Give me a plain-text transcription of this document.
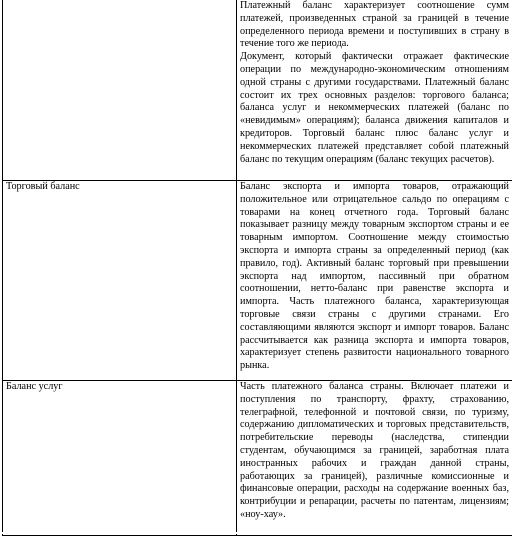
	Платежный баланс характеризует соотношение сумм платежей, произведенных страной за границей в течение определенного периода времени и поступивших в страну в течение того же периода.

Документ, который фактически отражает фактические операции по международно-экономическим отношениям одной страны с другими государствами. Платежный баланс состоит их трех основных разделов: торгового баланса; баланса услуг и некоммерческих платежей (баланс по «невидимым» операциям); баланса движения капиталов и кредиторов. Торговый баланс плюс баланс услуг и некоммерческих платежей представляет собой платежный баланс по текущим операциям (баланс текущих расчетов).

Торговый баланс	Баланс экспорта и импорта товаров, отражающий положительное или отрицательное сальдо по операциям с товарами на конец отчетного года. Торговый баланс показывает разницу между товарным экспортом страны и ее товарным импортом. Соотношение между стоимостью экспорта и импорта страны за определенный период (как правило, год). Активный баланс торговый при превышении экспорта над импортом, пассивный при обратном соотношении, нетто-баланс при равенстве экспорта и импорта. Часть платежного баланса, характеризующая торговые связи страны с другими странами. Его составляющими являются экспорт и импорт товаров. Баланс рассчитывается как разница экспорта и импорта товаров, характеризует степень развитости национального товарного рынка.

Баланс услуг	Часть платежного баланса страны. Включает платежи и поступления по транспорту, фрахту, страхованию, телеграфной, телефонной и почтовой связи, по туризму, содержанию дипломатических и торговых представительств, потребительские переводы (наследства, стипендии студентам, обучающимся за границей, заработная плата иностранных рабочих и граждан данной страны, работающих за границей), различные комиссионные и финансовые операции, расходы на содержание военных баз, контрибуции и репарации, расчеты по патентам, лицензиям; «ноу-хау».
